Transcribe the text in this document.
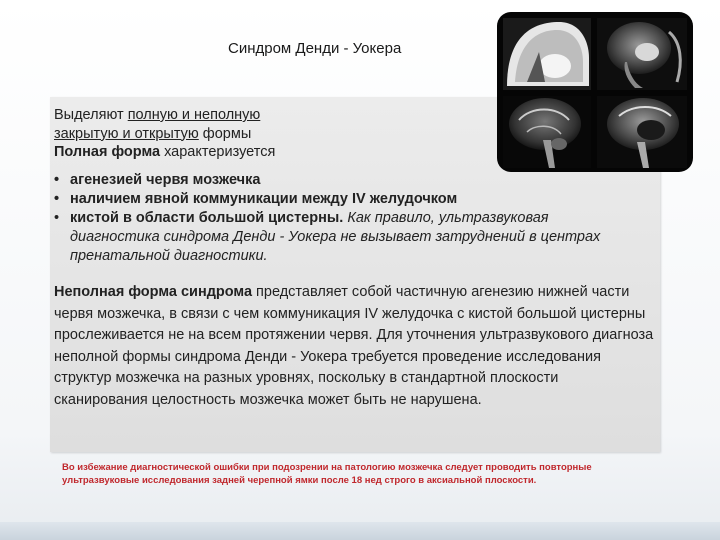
Синдром Денди - Уокера
Выделяют полную и неполную
закрытую и открытую формы
Полная форма характеризуется
• агенезией червя мозжечка
• наличием явной коммуникации между IV желудочком
• кистой в области большой цистерны. Как правило, ультразвуковая диагностика синдрома Денди - Уокера не вызывает затруднений в центрах пренатальной диагностики.
Неполная форма синдрома представляет собой частичную агенезию нижней части червя мозжечка, в связи с чем коммуникация IV желудочка с кистой большой цистерны прослеживается не на всем протяжении червя. Для уточнения ультразвукового диагноза неполной формы синдрома Денди - Уокера требуется проведение исследования структур мозжечка на разных уровнях, поскольку в стандартной плоскости сканирования целостность мозжечка может быть не нарушена.
Во избежание диагностической ошибки при подозрении на патологию мозжечка следует проводить повторные ультразвуковые исследования задней черепной ямки после 18 нед строго в аксиальной плоскости.
